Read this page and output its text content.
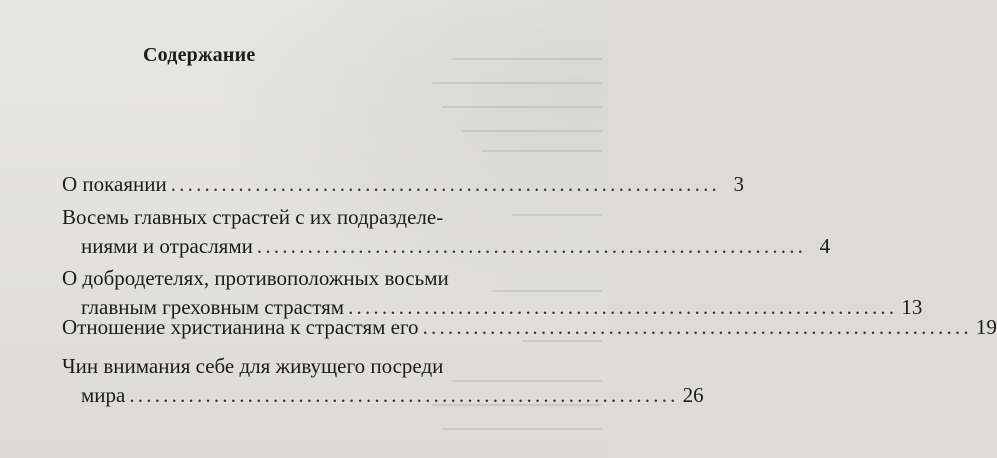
Содержание
О покаянии ................................................................. 3
Восемь главных страстей с их подразделе-
ниями и отраслями ................................................................. 4
О добродетелях, противоположных восьми
главным греховным страстям ................................................................. 13
Отношение христианина к страстям его ................................................................. 19
Чин внимания себе для живущего посреди
мира ................................................................. 26
